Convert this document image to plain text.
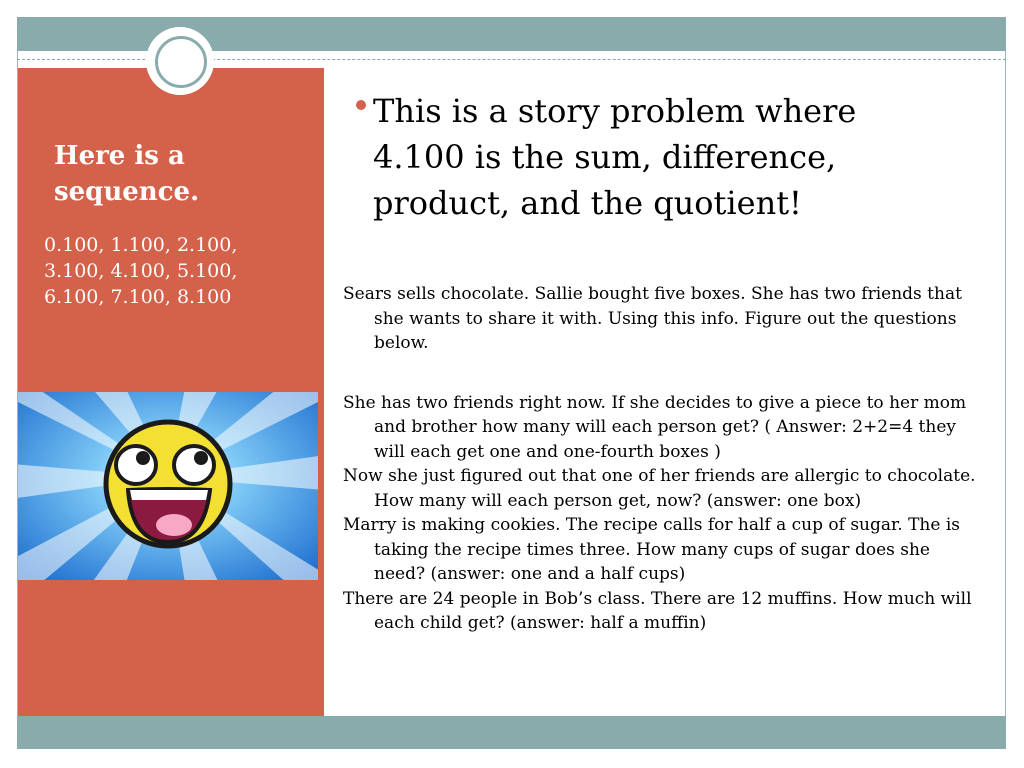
Here is a sequence.
0.100, 1.100, 2.100,
3.100, 4.100, 5.100,
6.100, 7.100, 8.100

This is a story problem where 4.100 is the sum, difference, product, and the quotient!

Sears sells chocolate. Sallie bought five boxes. She has two friends that she wants to share it with. Using this info. Figure out the questions below.

She has two friends right now. If she decides to give a piece to her mom and brother how many will each person get? ( Answer: 2+2=4 they will each get one and one-fourth boxes )

Now she just figured out that one of her friends are allergic to chocolate. How many will each person get, now? (answer: one box)

Marry is making cookies. The recipe calls for half a cup of sugar. The is taking the recipe times three. How many cups of sugar does she need? (answer: one and a half cups)

There are 24 people in Bob’s class. There are 12 muffins. How much will each child get? (answer: half a muffin)
